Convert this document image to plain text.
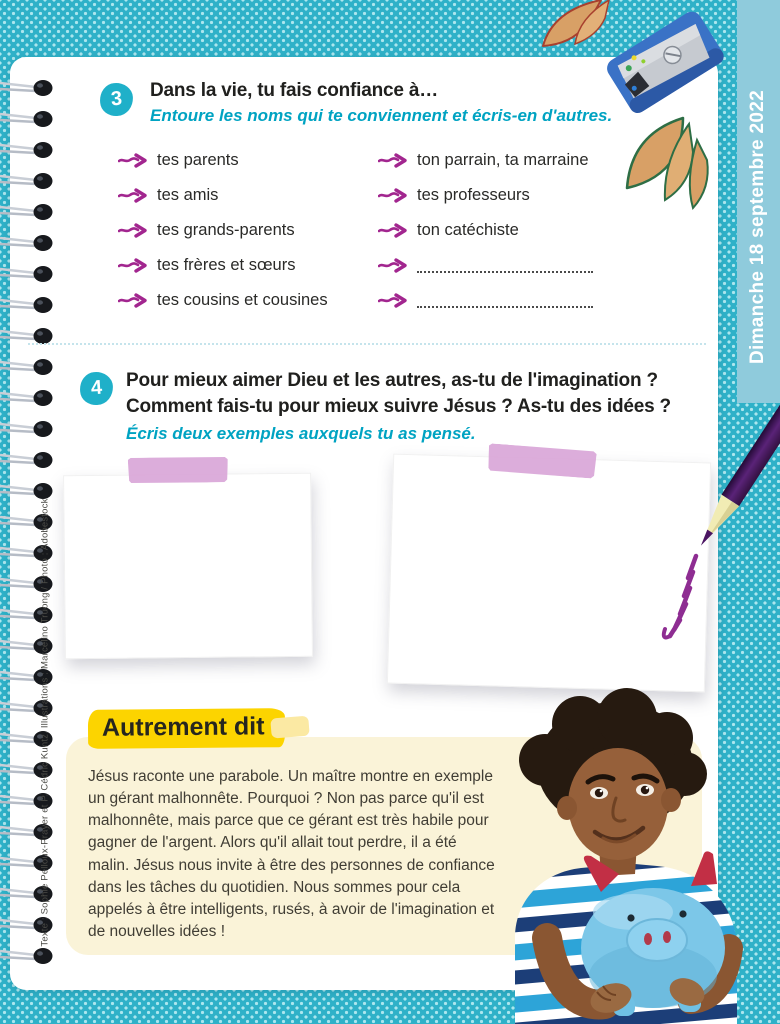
Dimanche 18 septembre 2022
Texte : Sophie Pelloux-Prayer et P. Cédric Kuntz. Illustrations : Marcelino Truong / Photo : Adobestock
3 Dans la vie, tu fais confiance à…
Entoure les noms qui te conviennent et écris-en d'autres.
tes parents
tes amis
tes grands-parents
tes frères et sœurs
tes cousins et cousines
ton parrain, ta marraine
tes professeurs
ton catéchiste
4 Pour mieux aimer Dieu et les autres, as-tu de l'imagination ?
Comment fais-tu pour mieux suivre Jésus ? As-tu des idées ?
Écris deux exemples auxquels tu as pensé.
Autrement dit
Jésus raconte une parabole. Un maître montre en exemple un gérant malhonnête. Pourquoi ? Non pas parce qu'il est malhonnête, mais parce que ce gérant est très habile pour gagner de l'argent. Alors qu'il allait tout perdre, il a été malin. Jésus nous invite à être des personnes de confiance dans les tâches du quotidien. Nous sommes pour cela appelés à être intelligents, rusés, à avoir de l'imagination et de nouvelles idées !
